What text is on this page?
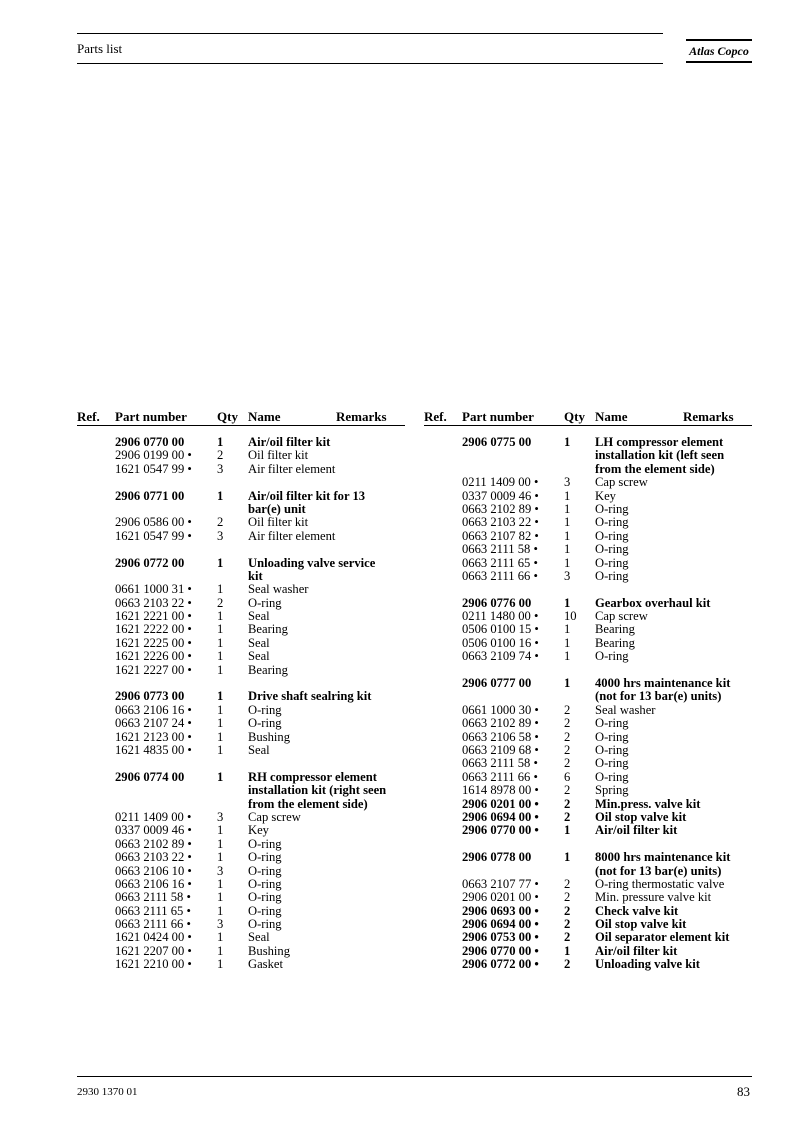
Parts list	Atlas Copco
Ref. Part number Qty Name	Remarks	Ref. Part number Qty Name	Remarks
2906 0770 00	1 Air/oil filter kit
2906 0199 00 • 2 Oil filter kit
1621 0547 99 • 3 Air filter element
2906 0771 00	1 Air/oil filter kit for 13
bar(e) unit
2906 0586 00 • 2 Oil filter kit
1621 0547 99 • 3 Air filter element
2906 0772 00	1 Unloading valve service
kit
0661 1000 31 • 1 Seal washer
0663 2103 22 • 2 O-ring
1621 2221 00 • 1 Seal
1621 2222 00 • 1 Bearing
1621 2225 00 • 1 Seal
1621 2226 00 • 1 Seal
1621 2227 00 • 1 Bearing
2906 0773 00	1 Drive shaft sealring kit
0663 2106 16 • 1 O-ring
0663 2107 24 • 1 O-ring
1621 2123 00 • 1 Bushing
1621 4835 00 • 1 Seal
2906 0774 00	1 RH compressor element
installation kit (right seen
from the element side)
0211 1409 00 • 3 Cap screw
0337 0009 46 • 1 Key
0663 2102 89 • 1 O-ring
0663 2103 22 • 1 O-ring
0663 2106 10 • 3 O-ring
0663 2106 16 • 1 O-ring
0663 2111 58 • 1 O-ring
0663 2111 65 • 1 O-ring
0663 2111 66 • 3 O-ring
1621 0424 00 • 1 Seal
1621 2207 00 • 1 Bushing
1621 2210 00 • 1 Gasket
2906 0775 00	1 LH compressor element
installation kit (left seen
from the element side)
0211 1409 00 • 3 Cap screw
0337 0009 46 • 1 Key
0663 2102 89 • 1 O-ring
0663 2103 22 • 1 O-ring
0663 2107 82 • 1 O-ring
0663 2111 58 • 1 O-ring
0663 2111 65 • 1 O-ring
0663 2111 66 • 3 O-ring
2906 0776 00	1 Gearbox overhaul kit
0211 1480 00 • 10 Cap screw
0506 0100 15 • 1 Bearing
0506 0100 16 • 1 Bearing
0663 2109 74 • 1 O-ring
2906 0777 00	1 4000 hrs maintenance kit
(not for 13 bar(e) units)
0661 1000 30 • 2 Seal washer
0663 2102 89 • 2 O-ring
0663 2106 58 • 2 O-ring
0663 2109 68 • 2 O-ring
0663 2111 58 • 2 O-ring
0663 2111 66 • 6 O-ring
1614 8978 00 • 2 Spring
2906 0201 00 • 2 Min.press. valve kit
2906 0694 00 • 2 Oil stop valve kit
2906 0770 00 • 1 Air/oil filter kit
2906 0778 00	1 8000 hrs maintenance kit
(not for 13 bar(e) units)
0663 2107 77 • 2 O-ring thermostatic valve
2906 0201 00 • 2 Min. pressure valve kit
2906 0693 00 • 2 Check valve kit
2906 0694 00 • 2 Oil stop valve kit
2906 0753 00 • 2 Oil separator element kit
2906 0770 00 • 1 Air/oil filter kit
2906 0772 00 • 2 Unloading valve kit
2930 1370 01	83
